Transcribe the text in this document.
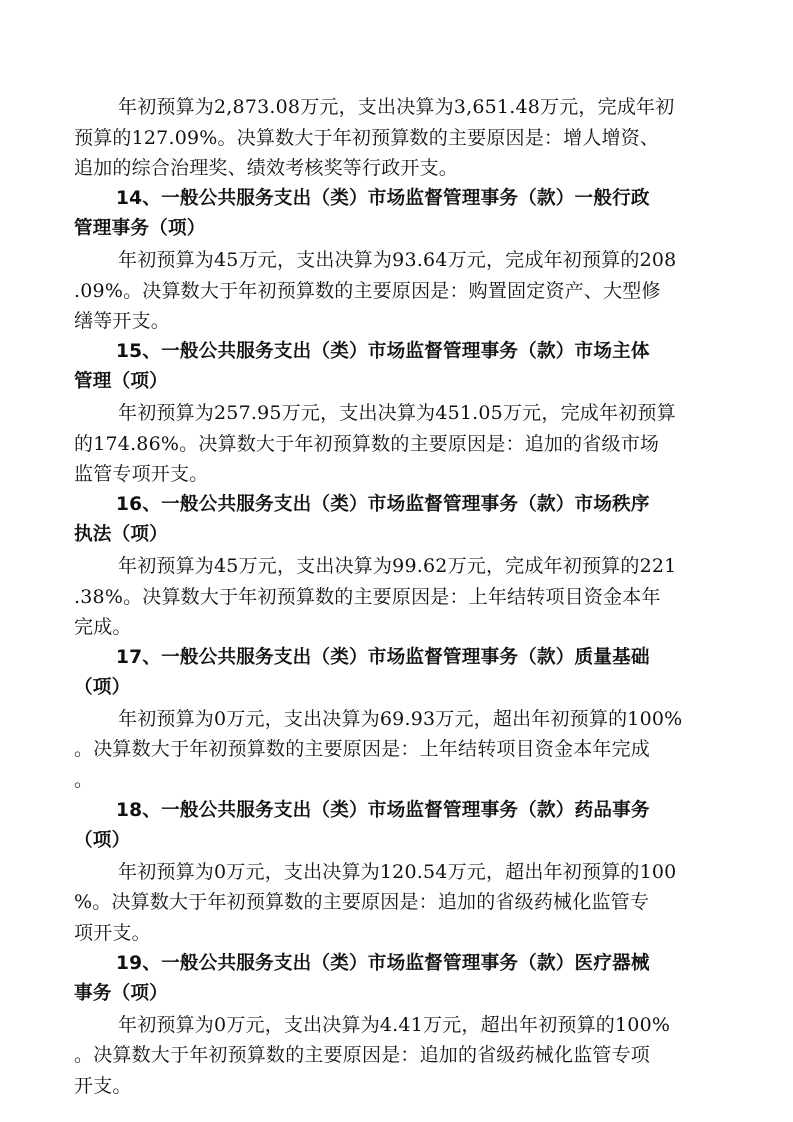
年初预算为2,873.08万元，支出决算为3,651.48万元，完成年初
预算的127.09%。决算数大于年初预算数的主要原因是：增人增资、
追加的综合治理奖、绩效考核奖等行政开支。
14、一般公共服务支出（类）市场监督管理事务（款）一般行政
管理事务（项）
年初预算为45万元，支出决算为93.64万元，完成年初预算的208
.09%。决算数大于年初预算数的主要原因是：购置固定资产、大型修
缮等开支。
15、一般公共服务支出（类）市场监督管理事务（款）市场主体
管理（项）
年初预算为257.95万元，支出决算为451.05万元，完成年初预算
的174.86%。决算数大于年初预算数的主要原因是：追加的省级市场
监管专项开支。
16、一般公共服务支出（类）市场监督管理事务（款）市场秩序
执法（项）
年初预算为45万元，支出决算为99.62万元，完成年初预算的221
.38%。决算数大于年初预算数的主要原因是：上年结转项目资金本年
完成。
17、一般公共服务支出（类）市场监督管理事务（款）质量基础
（项）
年初预算为0万元，支出决算为69.93万元，超出年初预算的100%
。决算数大于年初预算数的主要原因是：上年结转项目资金本年完成
。
18、一般公共服务支出（类）市场监督管理事务（款）药品事务
（项）
年初预算为0万元，支出决算为120.54万元，超出年初预算的100
%。决算数大于年初预算数的主要原因是：追加的省级药械化监管专
项开支。
19、一般公共服务支出（类）市场监督管理事务（款）医疗器械
事务（项）
年初预算为0万元，支出决算为4.41万元，超出年初预算的100%
。决算数大于年初预算数的主要原因是：追加的省级药械化监管专项
开支。
